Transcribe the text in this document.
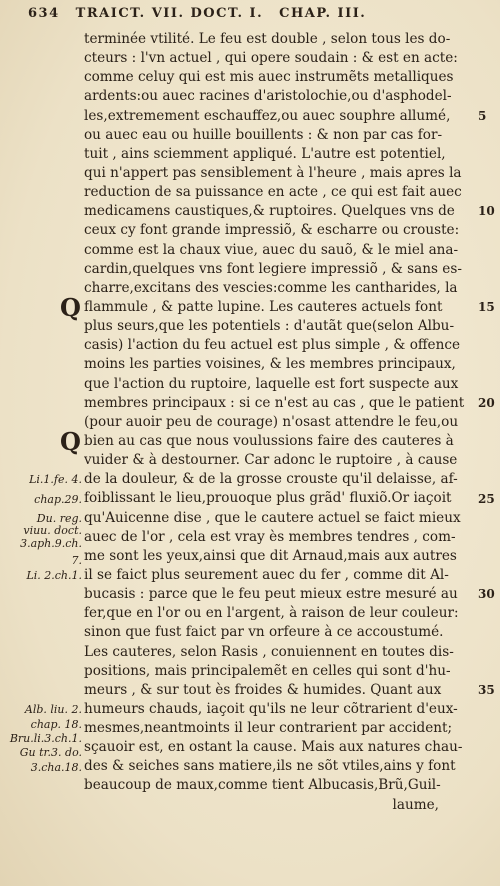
634 TRAICT. VII. DOCT. I. CHAP. III.
terminée vtilité. Le feu est double , selon tous les do-
cteurs : l'vn actuel , qui opere soudain : & est en acte:
comme celuy qui est mis auec instrumẽts metalliques
ardents:ou auec racines d'aristolochie,ou d'asphodel-
les,extremement eschauffez,ou auec souphre allumé,
ou auec eau ou huille bouillents : & non par cas for-
tuit , ains sciemment appliqué. L'autre est potentiel,
qui n'appert pas sensiblement à l'heure , mais apres la
reduction de sa puissance en acte , ce qui est fait auec
medicamens caustiques,& ruptoires. Quelques vns de
ceux cy font grande impressiõ, & escharre ou crouste:
comme est la chaux viue, auec du sauõ, & le miel ana-
cardin,quelques vns font legiere impressiõ , & sans es-
charre,excitans des vescies:comme les cantharides, la
flammule , & patte lupine. Les cauteres actuels font
plus seurs,que les potentiels : d'autãt que(selon Albu-
casis) l'action du feu actuel est plus simple , & offence
moins les parties voisines, & les membres principaux,
que l'action du ruptoire, laquelle est fort suspecte aux
membres principaux : si ce n'est au cas , que le patient
(pour auoir peu de courage) n'osast attendre le feu,ou
bien au cas que nous voulussions faire des cauteres à
vuider & à destourner. Car adonc le ruptoire , à cause
de la douleur, & de la grosse crouste qu'il delaisse, af-
foiblissant le lieu,prouoque plus grãd' fluxiõ.Or iaçoit
qu'Auicenne dise , que le cautere actuel se faict mieux
auec de l'or , cela est vray ès membres tendres , com-
me sont les yeux,ainsi que dit Arnaud,mais aux autres
il se faict plus seurement auec du fer , comme dit Al-
bucasis : parce que le feu peut mieux estre mesuré au
fer,que en l'or ou en l'argent, à raison de leur couleur:
sinon que fust faict par vn orfeure à ce accoustumé.
Les cauteres, selon Rasis , conuiennent en toutes dis-
positions, mais principalemẽt en celles qui sont d'hu-
meurs , & sur tout ès froides & humides. Quant aux
humeurs chauds, iaçoit qu'ils ne leur cõtrarient d'eux-
mesmes,neantmoints il leur contrarient par accident;
sçauoir est, en ostant la cause. Mais aux natures chau-
des & seiches sans matiere,ils ne sõt vtiles,ains y font
beaucoup de maux,comme tient Albucasis,Brũ,Guil-
laume,
5
10
15
20
25
30
35
Q
Q
Li.1.fe. 4.
chap.29.
Du. reg.
viuu. doct.
3.aph.9.ch.
7.
Li. 2.ch.1.
Alb. liu. 2.
chap. 18.
Bru.li.3.ch.1.
Gu tr.3. do.
3.cha.18.
